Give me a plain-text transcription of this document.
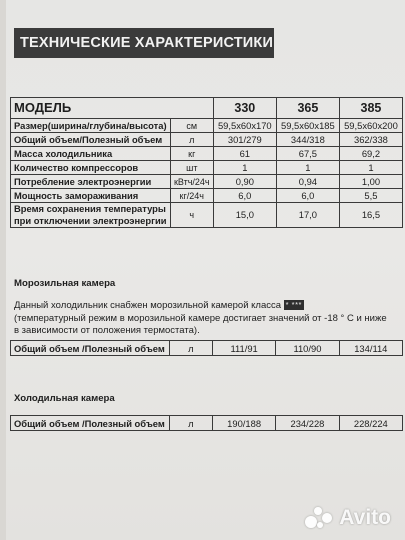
ТЕХНИЧЕСКИЕ ХАРАКТЕРИСТИКИ
МОДЕЛЬ		330	365	385
Размер(ширина/глубина/высота)	см	59,5x60x170	59,5x60x185	59,5x60x200
Общий объем/Полезный объем	л	301/279	344/318	362/338
Масса холодильника	кг	61	67,5	69,2
Количество компрессоров	шт	1	1	1
Потребление электроэнергии	кВтч/24ч	0,90	0,94	1,00
Мощность замораживания	кг/24ч	6,0	6,0	5,5
Время сохранения температуры
при отключении электроэнергии	ч	15,0	17,0	16,5
Морозильная камера
Данный холодильник снабжен морозильной камерой класса * ***
(температурный режим в морозильной камере достигает значений от -18 ° С и ниже
в зависимости от положения термостата).
Общий объем /Полезный объем	л	111/91	110/90	134/114
Холодильная камера
Общий объем /Полезный объем	л	190/188	234/228	228/224
Avito
